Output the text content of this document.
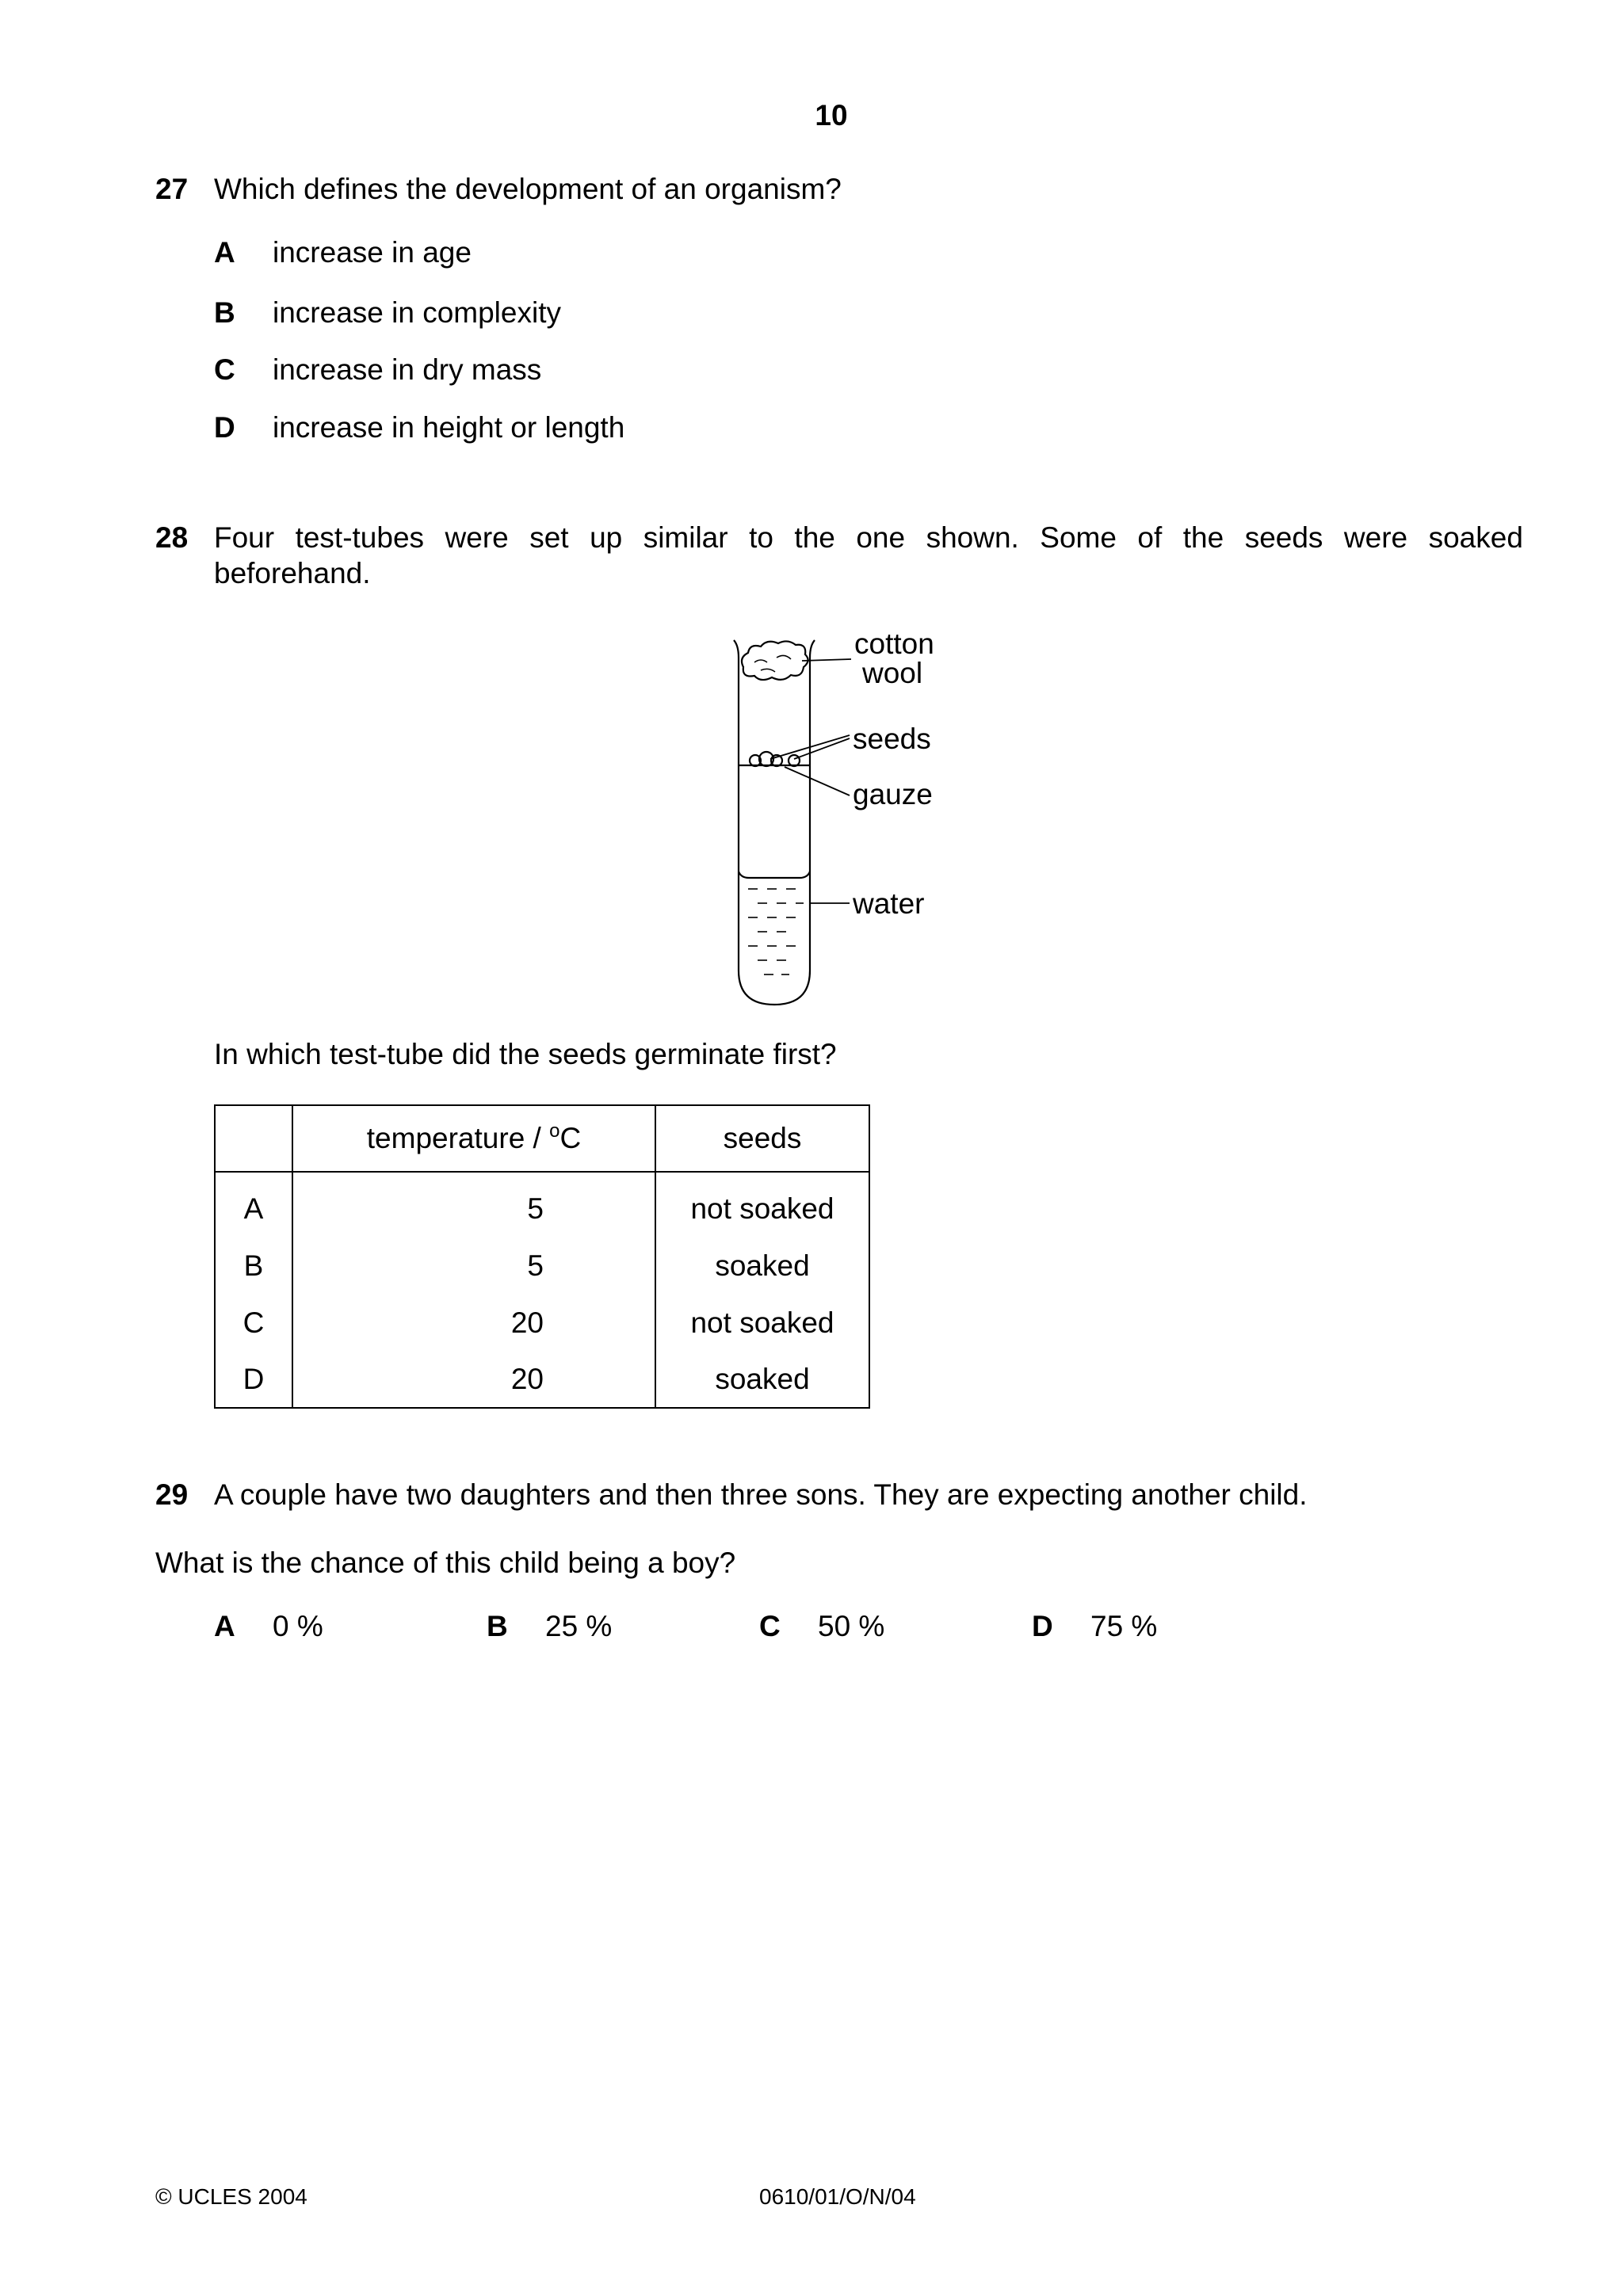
10
27 Which defines the development of an organism?
A increase in age
B increase in complexity
C increase in dry mass
D increase in height or length
28 Four test-tubes were set up similar to the one shown. Some of the seeds were soaked
beforehand.
cotton
wool
seeds
gauze
water
In which test-tube did the seeds germinate first?
	temperature / $^o$C	seeds
A	5	not soaked
B	5	soaked
C	20	not soaked
D	20	soaked
29 A couple have two daughters and then three sons. They are expecting another child.
What is the chance of this child being a boy?
A 0 %	B 25 %	C 50 %	D 75 %
© UCLES 2004	0610/01/O/N/04
